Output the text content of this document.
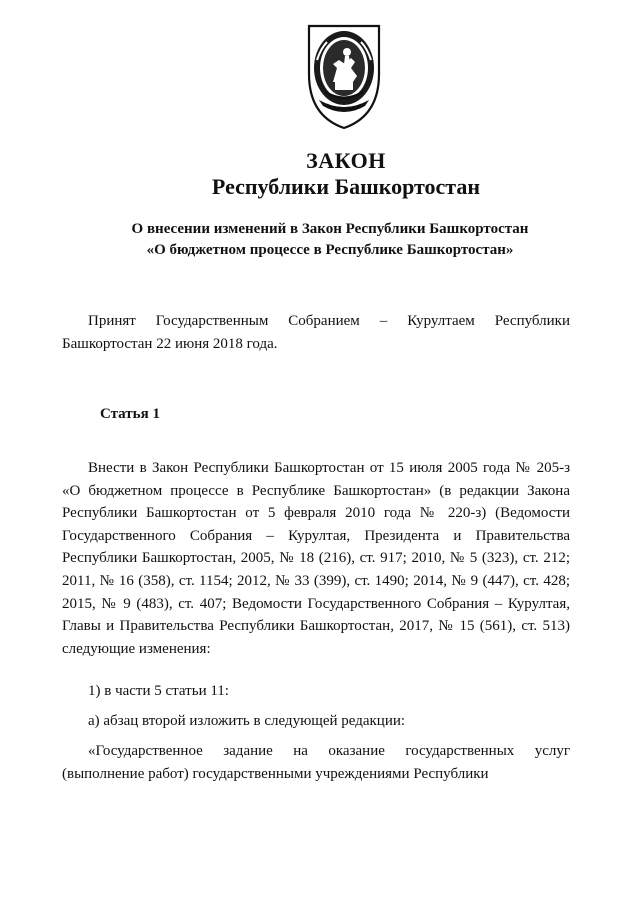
ЗАКОН
Республики Башкортостан
О внесении изменений в Закон Республики Башкортостан
«О бюджетном процессе в Республике Башкортостан»

Принят Государственным Собранием – Курултаем Республики Башкортостан 22 июня 2018 года.

Статья 1

Внести в Закон Республики Башкортостан от 15 июля 2005 года № 205-з «О бюджетном процессе в Республике Башкортостан» (в редакции Закона Республики Башкортостан от 5 февраля 2010 года № 220-з) (Ведомости Государственного Собрания – Курултая, Президента и Правительства Республики Башкортостан, 2005, № 18 (216), ст. 917; 2010, № 5 (323), ст. 212; 2011, № 16 (358), ст. 1154; 2012, № 33 (399), ст. 1490; 2014, № 9 (447), ст. 428; 2015, № 9 (483), ст. 407; Ведомости Государственного Собрания – Курултая, Главы и Правительства Республики Башкортостан, 2017, № 15 (561), ст. 513) следующие изменения:

1) в части 5 статьи 11:
а) абзац второй изложить в следующей редакции:

«Государственное задание на оказание государственных услуг (выполнение работ) государственными учреждениями Республики
